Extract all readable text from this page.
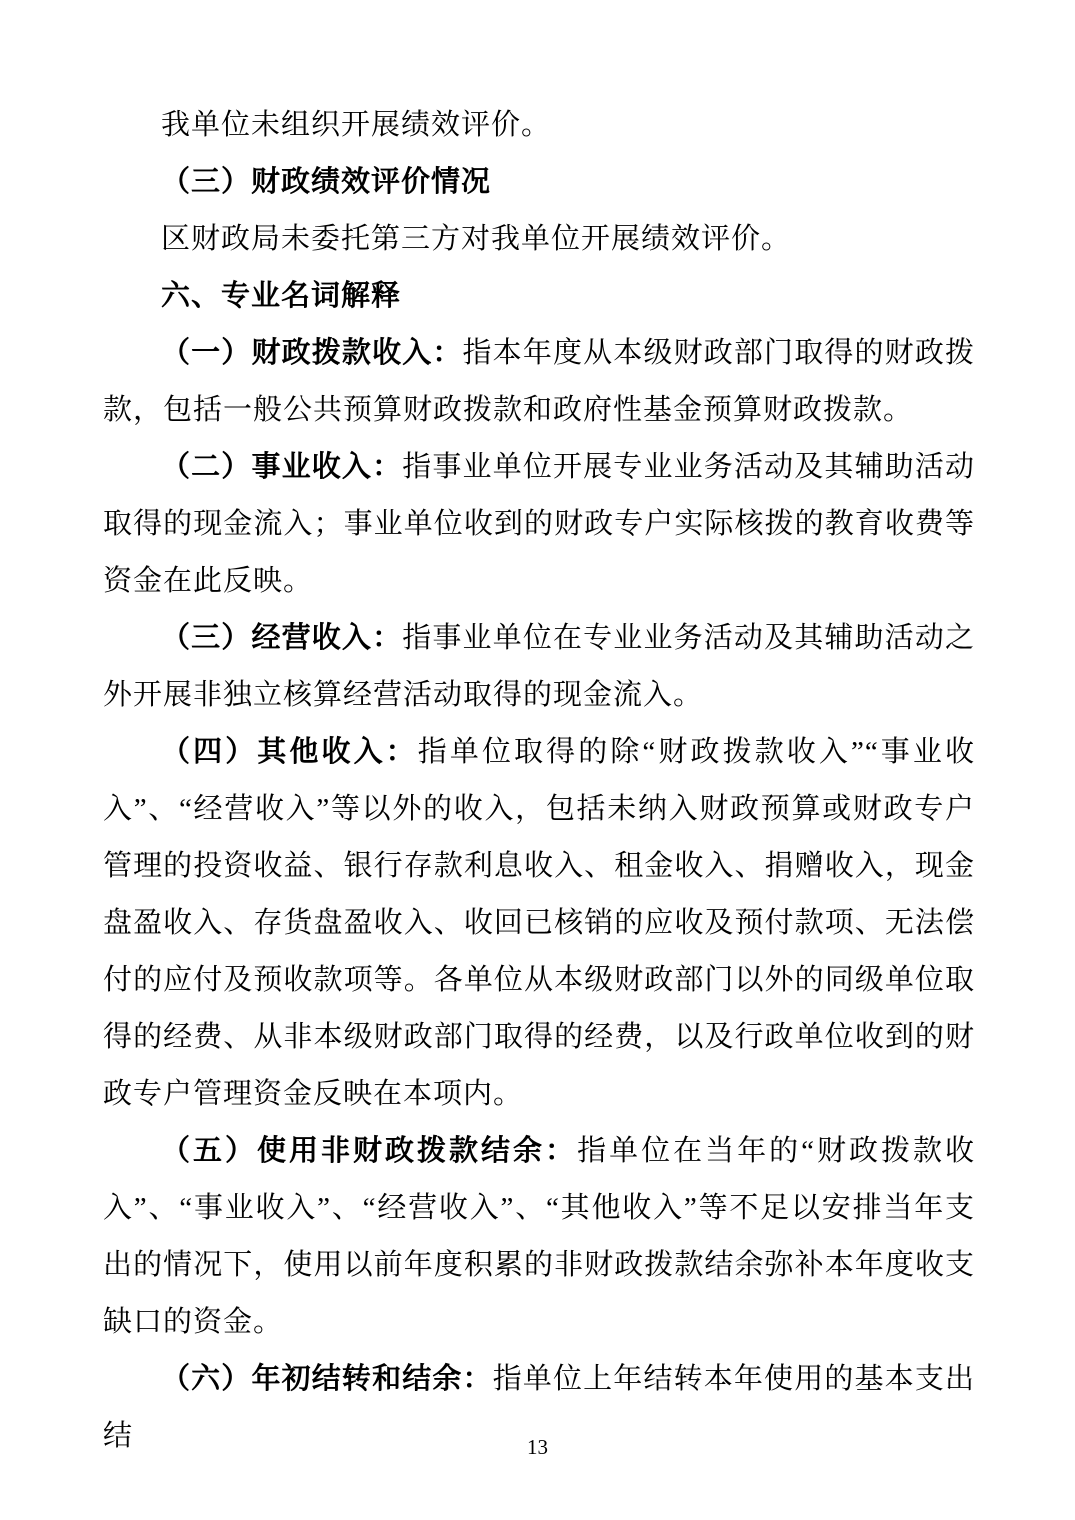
我单位未组织开展绩效评价。

（三）财政绩效评价情况

区财政局未委托第三方对我单位开展绩效评价。

六、专业名词解释

（一）财政拨款收入：指本年度从本级财政部门取得的财政拨款，包括一般公共预算财政拨款和政府性基金预算财政拨款。

（二）事业收入：指事业单位开展专业业务活动及其辅助活动取得的现金流入；事业单位收到的财政专户实际核拨的教育收费等资金在此反映。

（三）经营收入：指事业单位在专业业务活动及其辅助活动之外开展非独立核算经营活动取得的现金流入。

（四）其他收入：指单位取得的除“财政拨款收入”“事业收入”、“经营收入”等以外的收入，包括未纳入财政预算或财政专户管理的投资收益、银行存款利息收入、租金收入、捐赠收入，现金盘盈收入、存货盘盈收入、收回已核销的应收及预付款项、无法偿付的应付及预收款项等。各单位从本级财政部门以外的同级单位取得的经费、从非本级财政部门取得的经费，以及行政单位收到的财政专户管理资金反映在本项内。

（五）使用非财政拨款结余：指单位在当年的“财政拨款收入”、“事业收入”、“经营收入”、“其他收入”等不足以安排当年支出的情况下，使用以前年度积累的非财政拨款结余弥补本年度收支缺口的资金。

（六）年初结转和结余：指单位上年结转本年使用的基本支出结	13
